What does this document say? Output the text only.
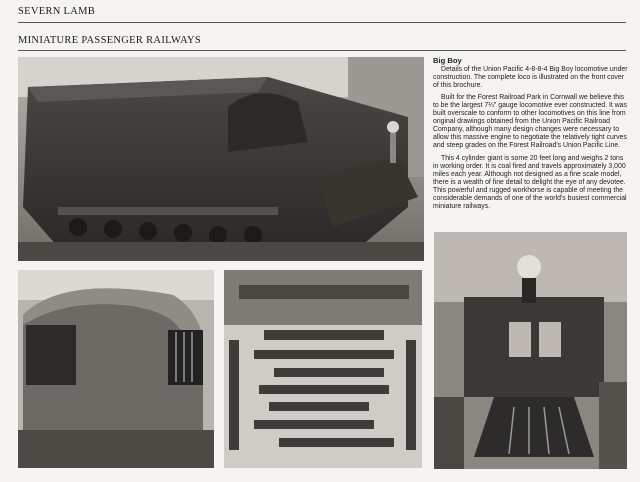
SEVERN LAMB
MINIATURE PASSENGER RAILWAYS
Big Boy

Details of the Union Pacific 4-8-8-4 Big Boy locomotive under construction. The complete loco is illustrated on the front cover of this brochure.

Built for the Forest Railroad Park in Cornwall we believe this to be the largest 7¼" gauge locomotive ever constructed. It was built overscale to conform to other locomotives on this line from original drawings obtained from the Union Pacific Railroad Company, although many design changes were necessary to allow this massive engine to negotiate the relatively tight curves and steep grades on the Forest Railroad's Union Pacific Line.

This 4 cylinder giant is some 20 feet long and weighs 2 tons in working order. It is coal fired and travels approximately 3,000 miles each year. Although not designed as a fine scale model, there is a wealth of fine detail to delight the eye of any devotee. This powerful and rugged workhorse is capable of meeting the considerable demands of one of the world's busiest commercial miniature railways.
